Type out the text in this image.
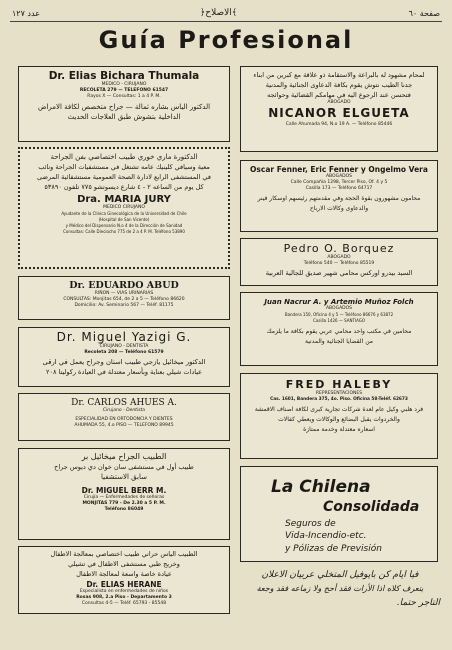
عدد ١٢٧	﴿الاصلاح﴾	صفحة ٦٠
Guía Profesional
Dr. Elias Bichara Thumala
MEDICO - CIRUJANO
RECOLETA 279 — TELEFONO 61547
Rayos X — Consultas: 1 a 4 P. M.
الدكتور الياس بشاره ثمالة — جراح متخصص لكافة الامراض
الداخلية بتشوش طبق العلاجات الحديث
الدكتورة ماري خوري طبيب اختصاصي بفن الجراحة
معية وسيافي كلينيك عامه تشتغل في مستشفيات الجراحة ونائب
في المستشفى الرابع لادارة الصحة العمومية مستشفائية المرضى
كل يوم من الساعه ٢ - ٤ شارع ديسوتشو ٧٧٥ تلفون ٥٣٨٩٠
Dra. MARIA JURY
MEDICO CIRUJANO
Ayudante de la Clínica Ginecológica de la Universidad de Chile
(Hospital de San Vicente)
y Médico del Dispensario N.o 4 de la Dirección de Sanidad
Consultas: Calle Dieciocho 775 de 2 a 4 P. M. Teléfono 53890
Dr. EDUARDO ABUD
RIÑON — VIAS URINARIAS
CONSULTAS: Monjitas 654, de 2 a 5 — Teléfono 86620
Domicilio: Av. Seminario 567 — Teléf. 81175
Dr. Miguel Yazigi G.
CIRUJANO - DENTISTA
Recoleta 208 — Teléfono 61579
الدكتور ميخائيل يازجي طبيب اسنان وجراح يعمل في ارقى
عيادات شيلي بعناية وبأسعار معتدلة في العيادة ركوليتا ٢٠٨
Dr. CARLOS AHUES A.
Cirujano - Dentista
ESPECIALIDAD EN ORTODONCIA Y DIENTES
AHUMADA 55, 4.o PISO — TELEFONO 89945
الطبيب الجراح ميخائيل بر
طبيب أول في مستشفى سان خوان دي ديوس جراح
سابق الاستشفيا
Dr. MIGUEL BERR M.
Cirujía — Enfermedades de señoras
MONJITAS 779 - De 2.30 a 5 P. M.
Teléfono 86049
الطبيب الياس حراني طبيب اختصاصي بمعالجة الاطفال
وخريج طبي مستشفى الاطفال في تشيلي
عيادة خاصة واسعة لمعالجة الاطفال
Dr. ELIAS HERANE
Especialista en enfermedades de niños
Rosas 908, 2.a Piso - Departamento 3
Consultas 4-5 — Teléf. 65793 - 85548
لمحام مشهود له بالبراعة والاستقامة ذو علاقة مع كبرين من ابناء
جدنا الطيب نتوش يقوم بكافة الدعاوى الجنائية والمدنية
فتحسن عند الرجوع اليه في مهامكم القضائية وحوائجه
ABOGADO
NICANOR ELGUETA
Calle Ahumada 94, N.o 19 A. — Teléfono 85446
Oscar Fenner, Eric Fenner y Ongelmo Vera
ABOGADOS
Calle Compañía 1298, Tercer Piso, Of. 4 y 5
Casilla 173 — Teléfono 64717
محامون مشهورون بقوة الحجة وفي مقدمتهم رئيسهم اوسكار فينر
والدعاوى وكالات الارباح
Pedro O. Borquez
ABOGADO
Teléfono 540 — Teléfono 85519
السيد بيدرو اوركس محامي شهير صديق للجالية العربية
Juan Nacrur A. y Artemio Muñoz Folch
ABOGADOS
Bandera 150, Oficina 4 y 5 — Teléfono 86676 y 63872
Casilla 1426 — SANTIAGO
محامين في مكتب واحد محامي عربي يقوم بكافة ما يلزمك
من القضايا الجنائية والمدنية
FRED HALEBY
REPRESENTACIONES
Cas. 1601, Bandera 375, 4o. Piso. Oficina 58-Teléf. 62673
فرد هلبي وكيل عام لعدة شركات تجارية كبرى لكافة اصناف الاقمشة
والخردوات يقبل البضائع والوكالات ويعطي كفالات
اسعاره معتدلة وخدمة ممتازة
La Chilena
Consolidada
Seguros de
Vida-Incendio-etc.
y Pólizas de Previsión
فيا ايام كن بايوفيل المتخلي عربيان الاعلان
يتعرف كلاه اذا الأرات فقد أحج ولا زماعه فقد وجعة
التاجر حتما.
